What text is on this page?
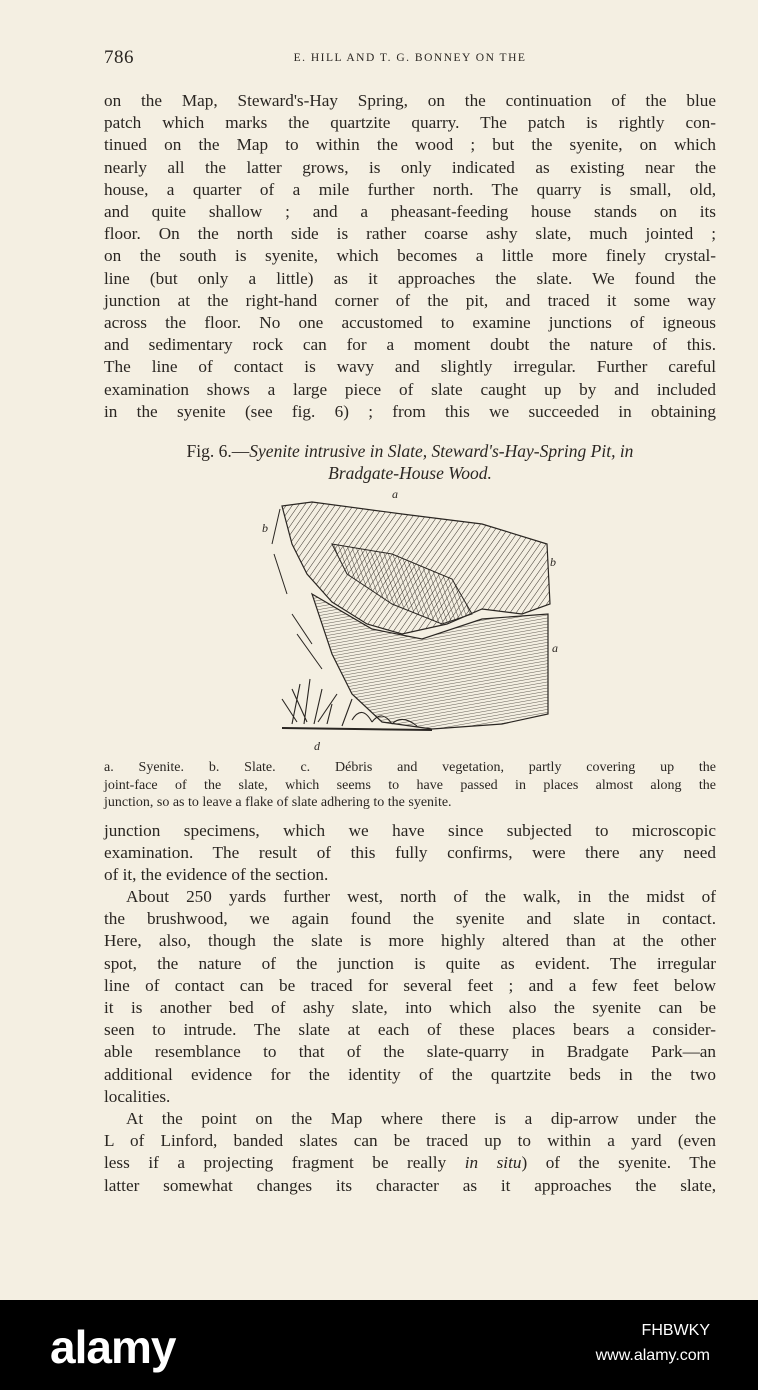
786	E. HILL AND T. G. BONNEY ON THE

on the Map, Steward's-Hay Spring, on the continuation of the blue
patch which marks the quartzite quarry. The patch is rightly con-
tinued on the Map to within the wood ; but the syenite, on which
nearly all the latter grows, is only indicated as existing near the
house, a quarter of a mile further north. The quarry is small, old,
and quite shallow ; and a pheasant-feeding house stands on its
floor. On the north side is rather coarse ashy slate, much jointed ;
on the south is syenite, which becomes a little more finely crystal-
line (but only a little) as it approaches the slate. We found the
junction at the right-hand corner of the pit, and traced it some way
across the floor. No one accustomed to examine junctions of igneous
and sedimentary rock can for a moment doubt the nature of this.
The line of contact is wavy and slightly irregular. Further careful
examination shows a large piece of slate caught up by and included
in the syenite (see fig. 6) ; from this we succeeded in obtaining

Fig. 6.—Syenite intrusive in Slate, Steward's-Hay-Spring Pit, in
Bradgate-House Wood.
a
b
b
a
d

a. Syenite. b. Slate. c. Débris and vegetation, partly covering up the
joint-face of the slate, which seems to have passed in places almost along the
junction, so as to leave a flake of slate adhering to the syenite.

junction specimens, which we have since subjected to microscopic
examination. The result of this fully confirms, were there any need
of it, the evidence of the section.

About 250 yards further west, north of the walk, in the midst of
the brushwood, we again found the syenite and slate in contact.
Here, also, though the slate is more highly altered than at the other
spot, the nature of the junction is quite as evident. The irregular
line of contact can be traced for several feet ; and a few feet below
it is another bed of ashy slate, into which also the syenite can be
seen to intrude. The slate at each of these places bears a consider-
able resemblance to that of the slate-quarry in Bradgate Park—an
additional evidence for the identity of the quartzite beds in the two
localities.

At the point on the Map where there is a dip-arrow under the
L of Linford, banded slates can be traced up to within a yard (even
less if a projecting fragment be really in situ) of the syenite. The
latter somewhat changes its character as it approaches the slate,

alamy	FHBWKY
www.alamy.com
